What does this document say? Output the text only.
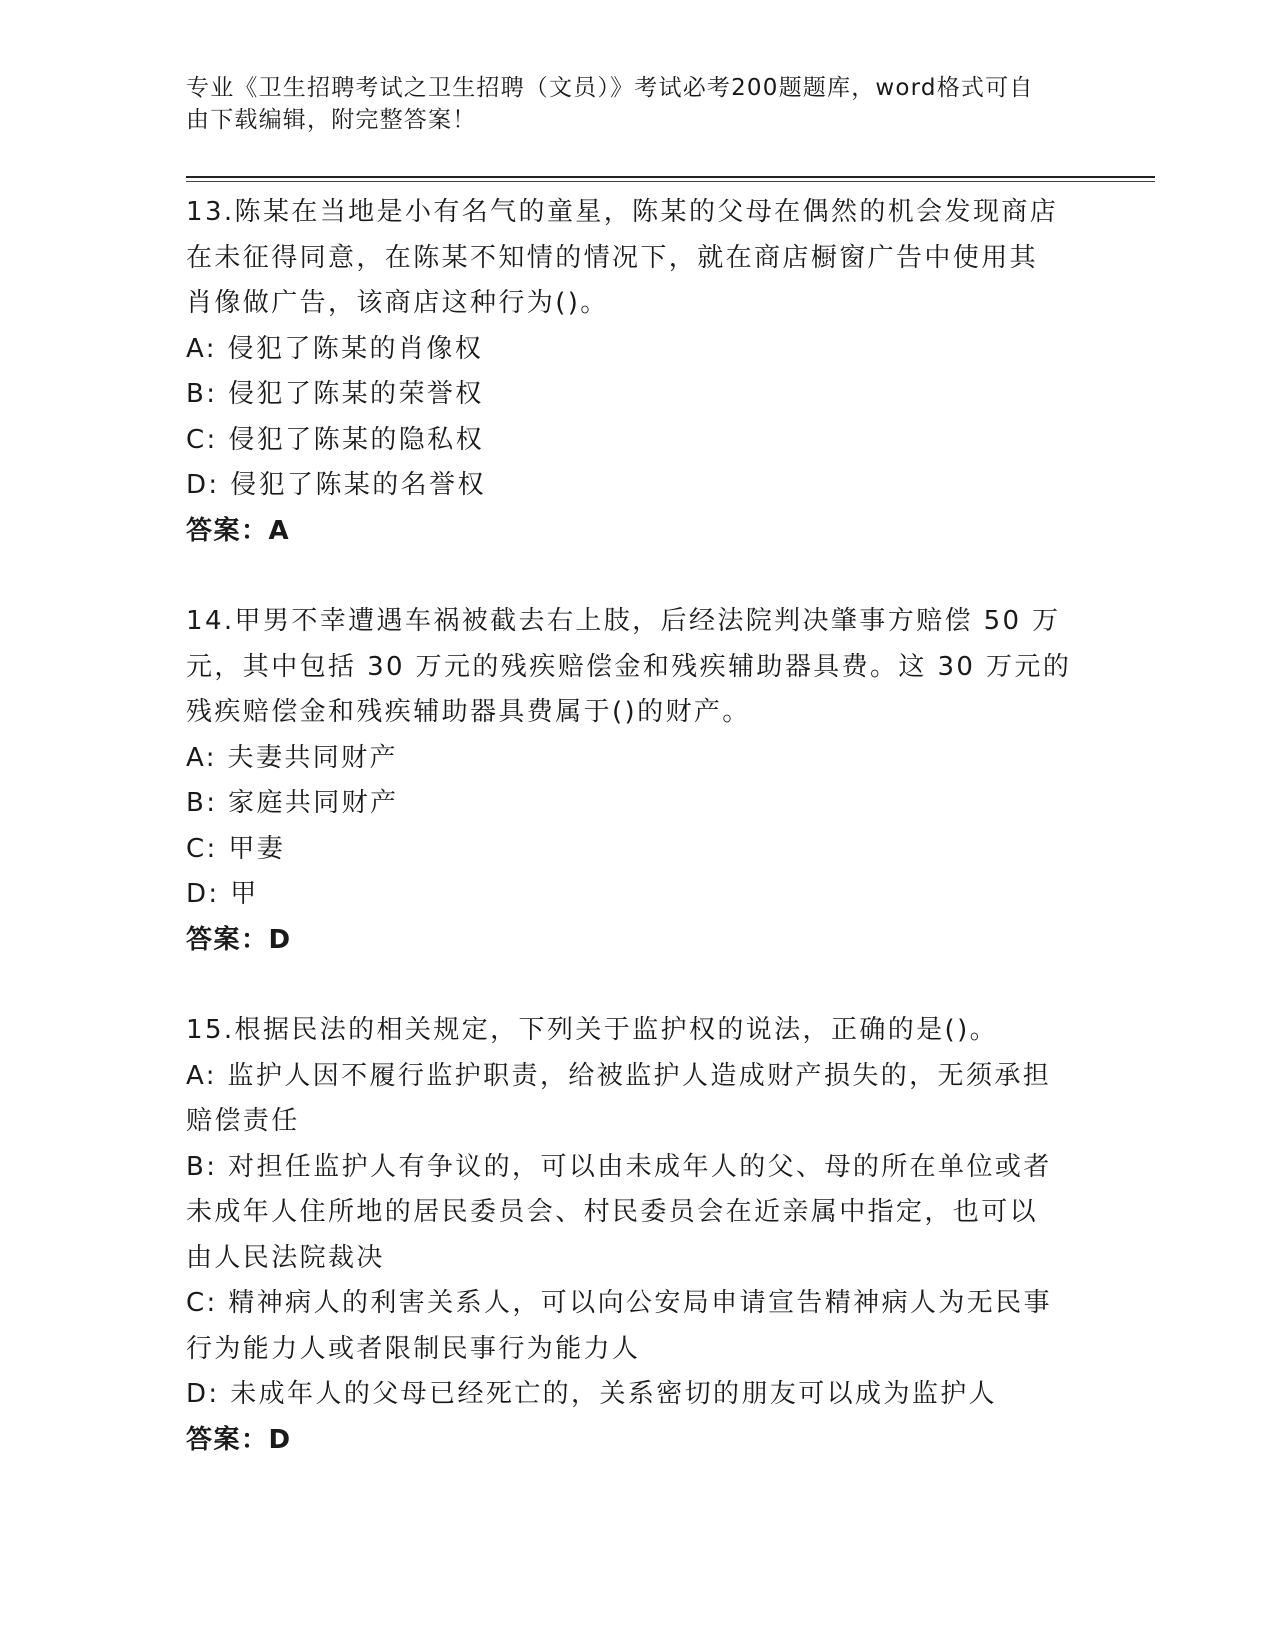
专业《卫生招聘考试之卫生招聘（文员）》考试必考200题题库，word格式可自
由下载编辑，附完整答案！
13.陈某在当地是小有名气的童星，陈某的父母在偶然的机会发现商店
在未征得同意，在陈某不知情的情况下，就在商店橱窗广告中使用其
肖像做广告，该商店这种行为()。
A: 侵犯了陈某的肖像权
B: 侵犯了陈某的荣誉权
C: 侵犯了陈某的隐私权
D: 侵犯了陈某的名誉权
答案：A
14.甲男不幸遭遇车祸被截去右上肢，后经法院判决肇事方赔偿 50 万
元，其中包括 30 万元的残疾赔偿金和残疾辅助器具费。这 30 万元的
残疾赔偿金和残疾辅助器具费属于()的财产。
A: 夫妻共同财产
B: 家庭共同财产
C: 甲妻
D: 甲
答案：D
15.根据民法的相关规定，下列关于监护权的说法，正确的是()。
A: 监护人因不履行监护职责，给被监护人造成财产损失的，无须承担
赔偿责任
B: 对担任监护人有争议的，可以由未成年人的父、母的所在单位或者
未成年人住所地的居民委员会、村民委员会在近亲属中指定，也可以
由人民法院裁决
C: 精神病人的利害关系人，可以向公安局申请宣告精神病人为无民事
行为能力人或者限制民事行为能力人
D: 未成年人的父母已经死亡的，关系密切的朋友可以成为监护人
答案：D
